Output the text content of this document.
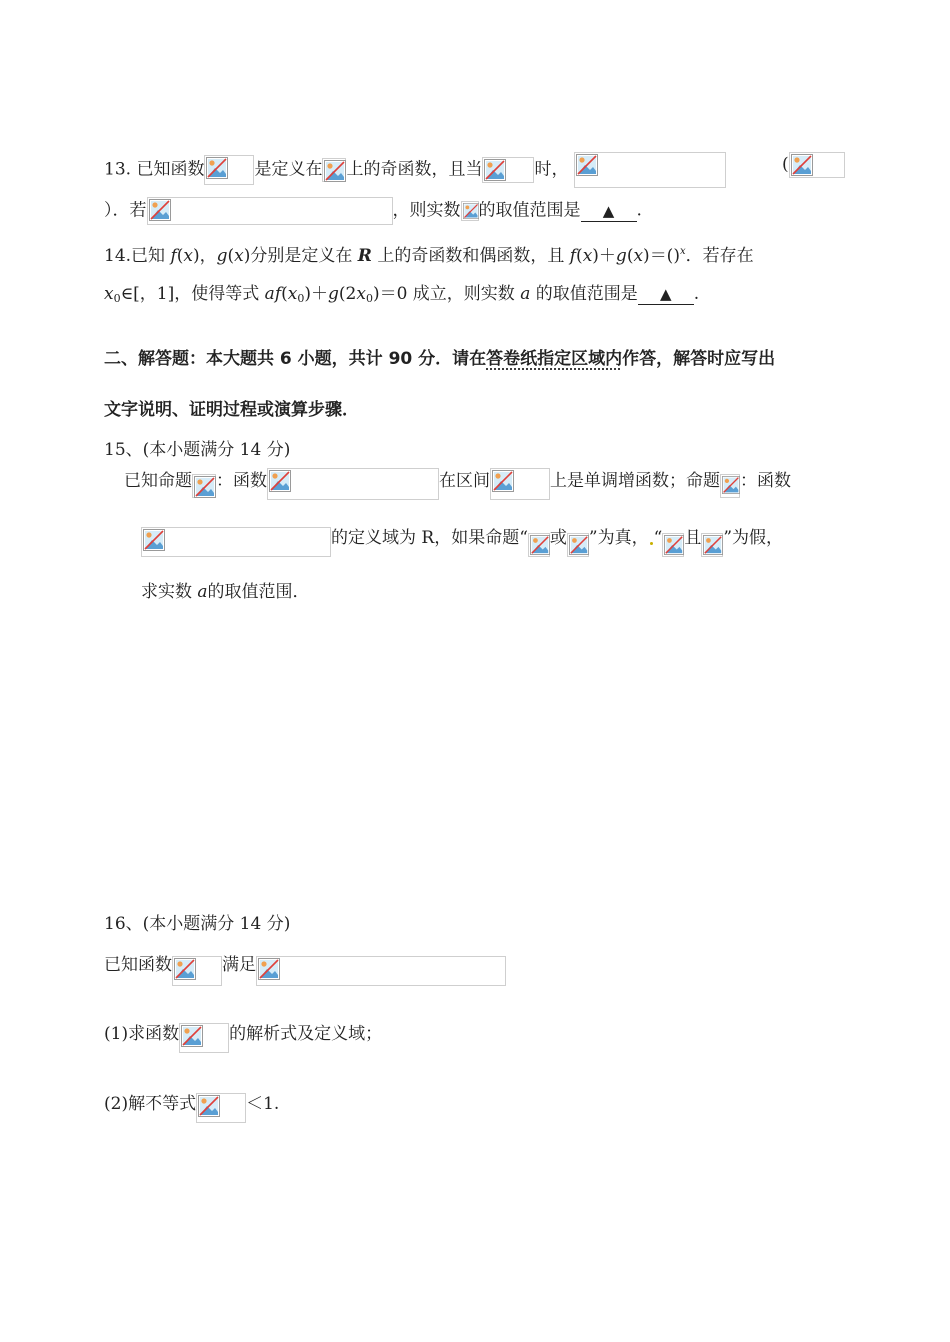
13. 已知函数	是定义在 上的奇函数，且当	时，	(
）．若	，则实数 的取值范围是 ▲ .
14.已知 f(x)，g(x)分别是定义在 R 上的奇函数和偶函数，且 f(x)＋g(x)＝()$^x$．若存在
$x_0\in$[，1]，使得等式 $af(x_0)+g(2x_0)=0$ 成立，则实数 a 的取值范围是 ▲ .
二、解答题：本大题共 6 小题，共计 90 分．请在答卷纸指定区域内作答，解答时应写出
文字说明、证明过程或演算步骤．
15、(本小题满分 14 分)
已知命题 ：函数	在区间	上是单调增函数；命题 ：函数
的定义域为 R，如果命题“ 或 ”为真， “ 且 ”为假，
求实数 a的取值范围．
16、(本小题满分 14 分)
已知函数	满足
(1)求函数	的解析式及定义域；
(2)解不等式	＜1.
